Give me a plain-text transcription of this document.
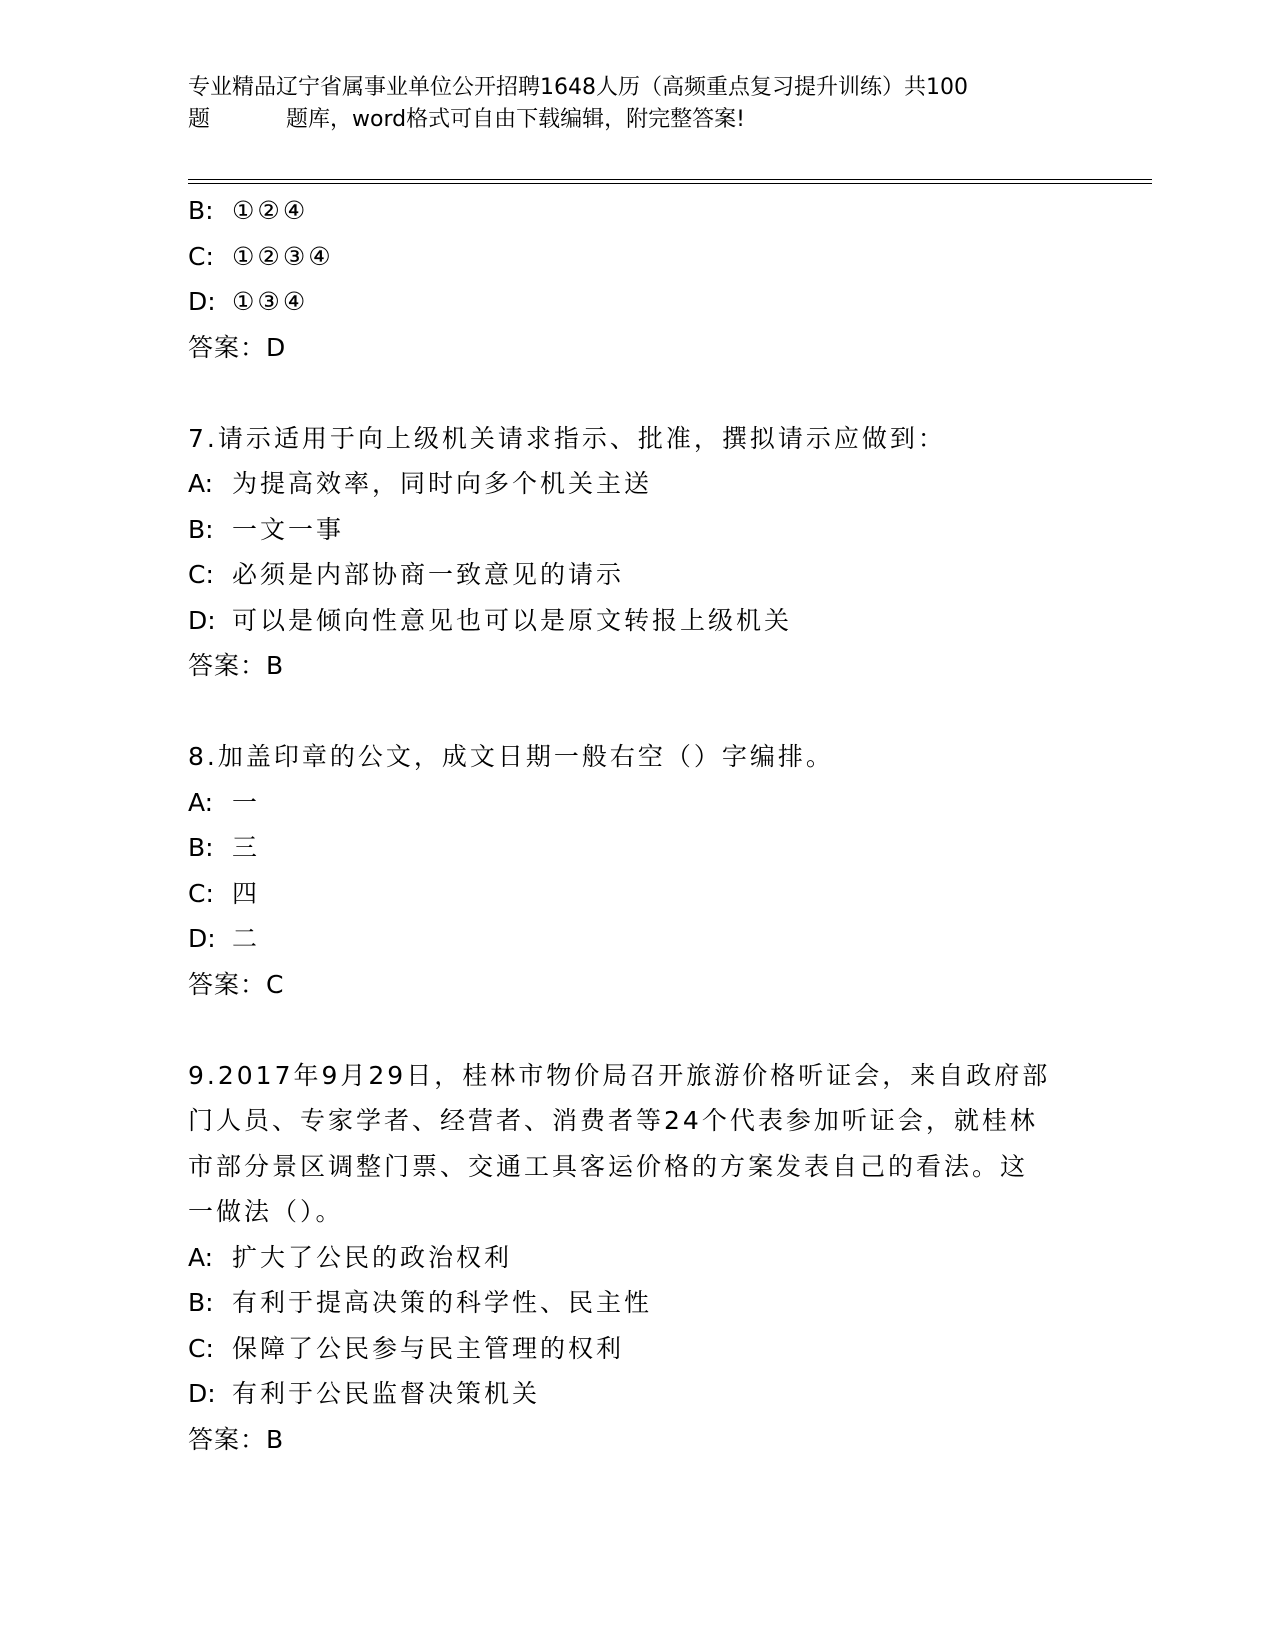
专业精品辽宁省属事业单位公开招聘1648人历（高频重点复习提升训练）共100
题	题库，word格式可自由下载编辑，附完整答案!
B: ①②④
C: ①②③④
D: ①③④
答案：D
7.请示适用于向上级机关请求指示、批准，撰拟请示应做到：
A: 为提高效率，同时向多个机关主送
B: 一文一事
C: 必须是内部协商一致意见的请示
D: 可以是倾向性意见也可以是原文转报上级机关
答案：B
8.加盖印章的公文，成文日期一般右空（）字编排。
A: 一
B: 三
C: 四
D: 二
答案：C
9.2017年9月29日，桂林市物价局召开旅游价格听证会，来自政府部
门人员、专家学者、经营者、消费者等24个代表参加听证会，就桂林
市部分景区调整门票、交通工具客运价格的方案发表自己的看法。这
一做法（）。
A: 扩大了公民的政治权利
B: 有利于提高决策的科学性、民主性
C: 保障了公民参与民主管理的权利
D: 有利于公民监督决策机关
答案：B
